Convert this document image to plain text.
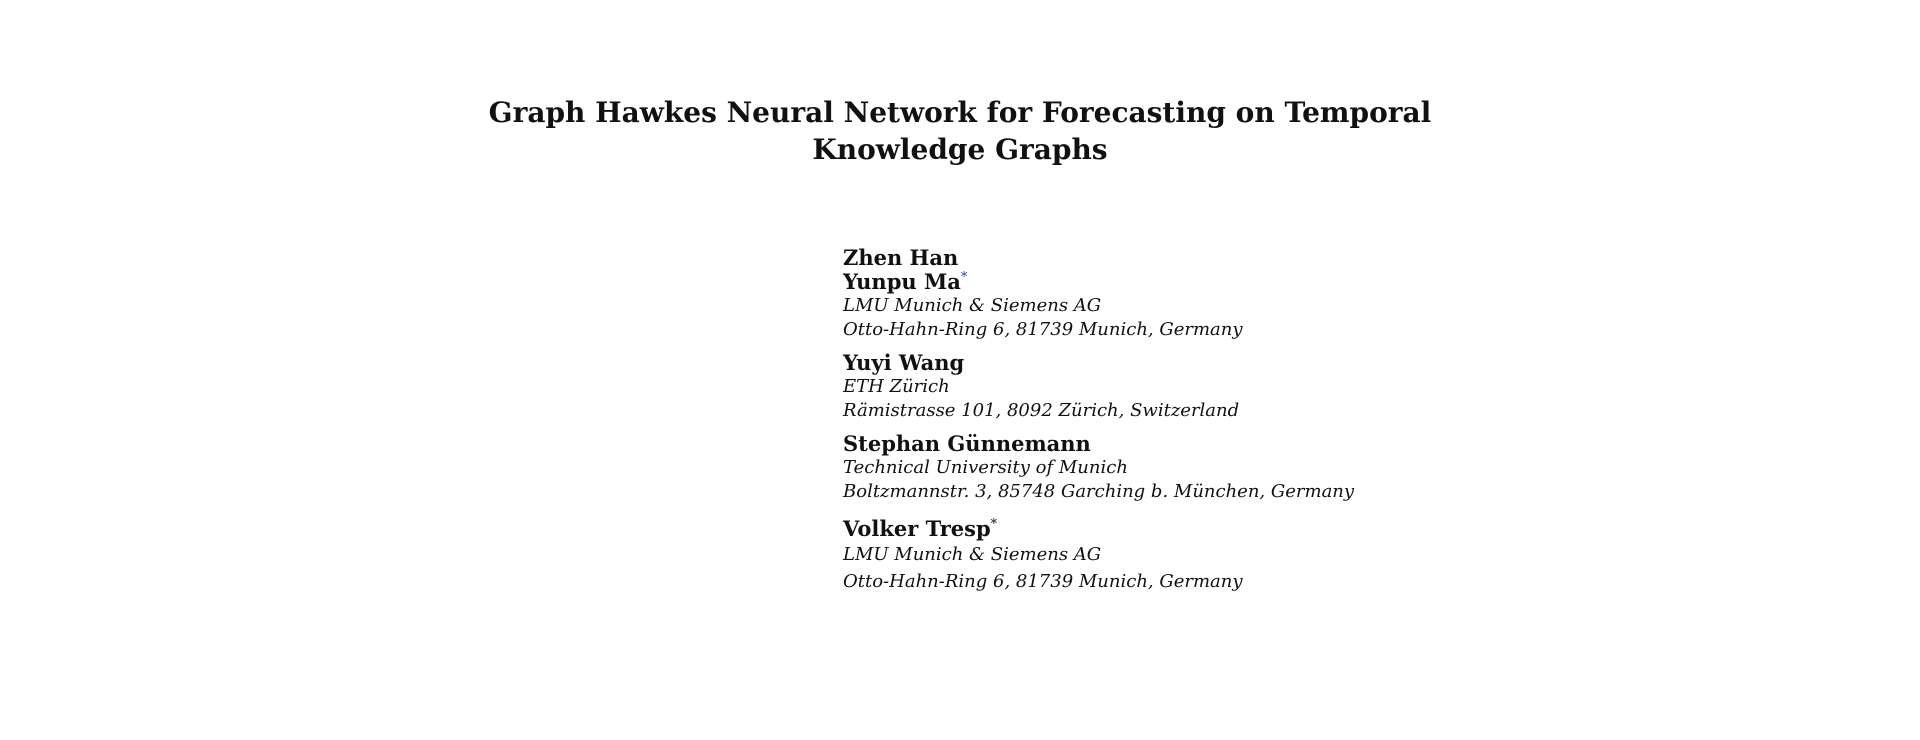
Graph Hawkes Neural Network for Forecasting on Temporal
Knowledge Graphs
Zhen Han
Yunpu Ma*
LMU Munich & Siemens AG
Otto-Hahn-Ring 6, 81739 Munich, Germany
Yuyi Wang
ETH Zürich
Rämistrasse 101, 8092 Zürich, Switzerland
Stephan Günnemann
Technical University of Munich
Boltzmannstr. 3, 85748 Garching b. München, Germany
Volker Tresp*
LMU Munich & Siemens AG
Otto-Hahn-Ring 6, 81739 Munich, Germany
